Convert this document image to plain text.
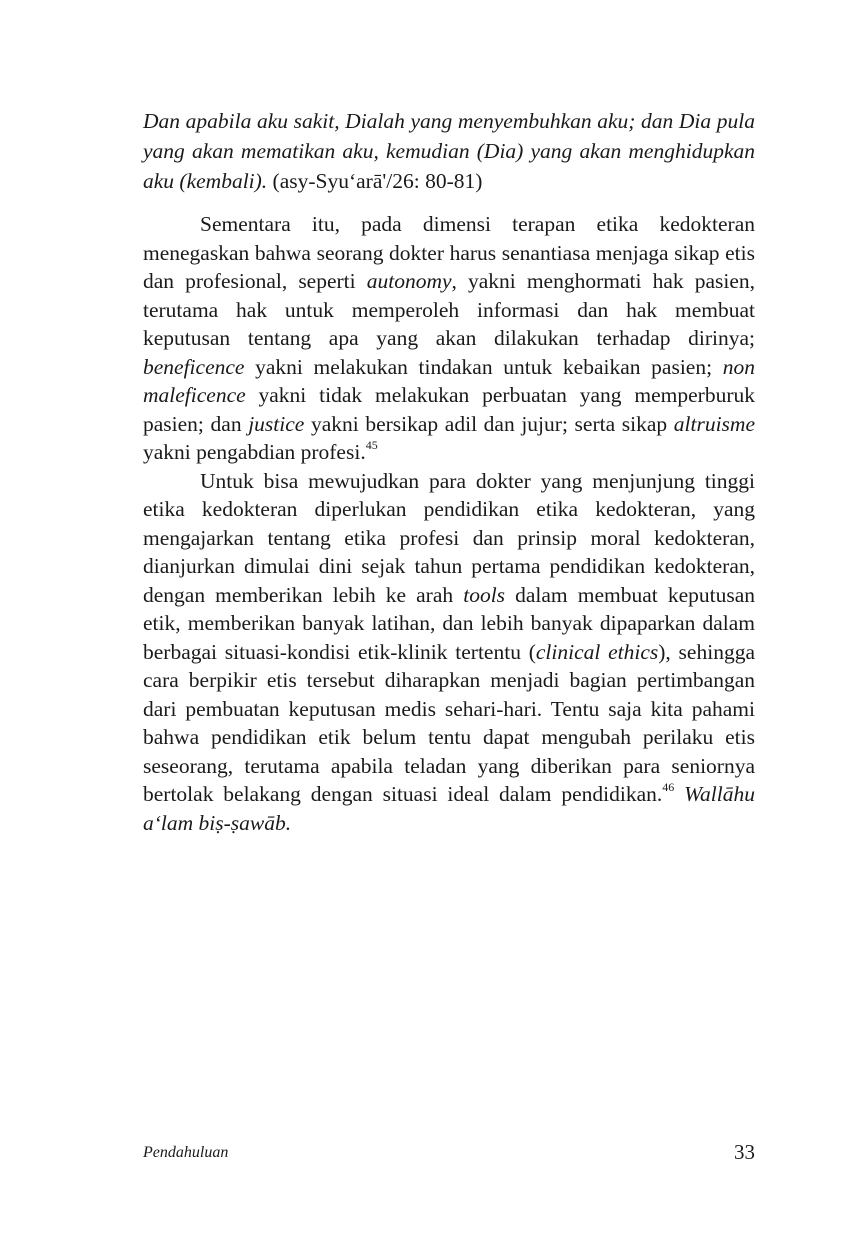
Dan apabila aku sakit, Dialah yang menyembuhkan aku; dan Dia pula yang akan mematikan aku, kemudian (Dia) yang akan menghidupkan aku (kembali). (asy-Syu‘arā'/26: 80-81)

Sementara itu, pada dimensi terapan etika kedokteran menegaskan bahwa seorang dokter harus senantiasa menjaga sikap etis dan profesional, seperti autonomy, yakni menghormati hak pasien, terutama hak untuk memperoleh informasi dan hak membuat keputusan tentang apa yang akan dilakukan terhadap dirinya; beneficence yakni melakukan tindakan untuk kebaikan pasien; non maleficence yakni tidak melakukan perbuatan yang memperburuk pasien; dan justice yakni bersikap adil dan jujur; serta sikap altruisme yakni pengabdian profesi.$^{45}$

Untuk bisa mewujudkan para dokter yang menjunjung tinggi etika kedokteran diperlukan pendidikan etika kedokteran, yang mengajarkan tentang etika profesi dan prinsip moral kedokteran, dianjurkan dimulai dini sejak tahun pertama pendidikan kedokteran, dengan memberikan lebih ke arah tools dalam membuat keputusan etik, memberikan banyak latihan, dan lebih banyak dipaparkan dalam berbagai situasi-kondisi etik-klinik tertentu (clinical ethics), sehingga cara berpikir etis tersebut diharapkan menjadi bagian pertimbangan dari pembuatan keputusan medis sehari-hari. Tentu saja kita pahami bahwa pendidikan etik belum tentu dapat mengubah perilaku etis seseorang, terutama apabila teladan yang diberikan para seniornya bertolak belakang dengan situasi ideal dalam pendidikan.$^{46}$ Wallāhu a‘lam biṣ-ṣawāb.

Pendahuluan	33
